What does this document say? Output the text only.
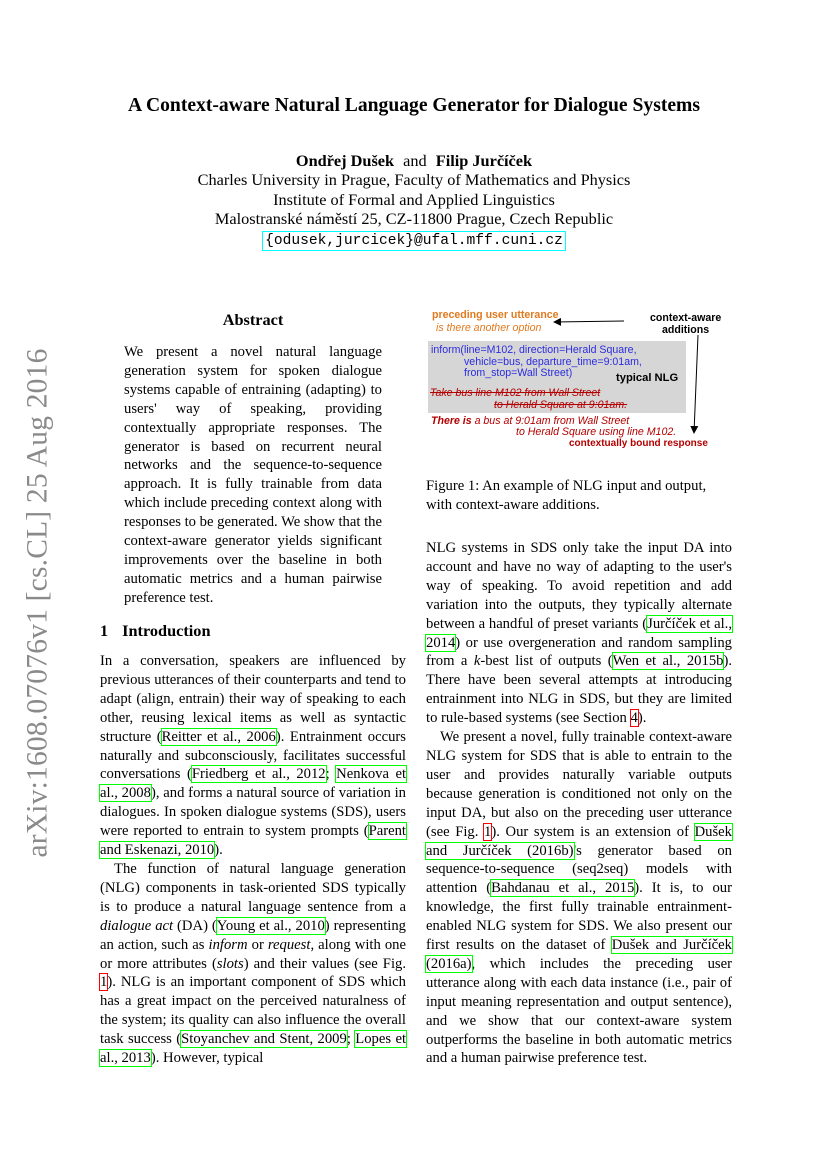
arXiv:1608.07076v1 [cs.CL] 25 Aug 2016
A Context-aware Natural Language Generator for Dialogue Systems
Ondřej Dušek and Filip Jurčíček
Charles University in Prague, Faculty of Mathematics and Physics
Institute of Formal and Applied Linguistics
Malostranské náměstí 25, CZ-11800 Prague, Czech Republic
{odusek,jurcicek}@ufal.mff.cuni.cz
Abstract
We present a novel natural language generation system for spoken dialogue systems capable of entraining (adapting) to users' way of speaking, providing contextually appropriate responses. The generator is based on recurrent neural networks and the sequence-to-sequence approach. It is fully trainable from data which include preceding context along with responses to be generated. We show that the context-aware generator yields significant improvements over the baseline in both automatic metrics and a human pairwise preference test.
1 Introduction

In a conversation, speakers are influenced by previous utterances of their counterparts and tend to adapt (align, entrain) their way of speaking to each other, reusing lexical items as well as syntactic structure (Reitter et al., 2006). Entrainment occurs naturally and subconsciously, facilitates successful conversations (Friedberg et al., 2012; Nenkova et al., 2008), and forms a natural source of variation in dialogues. In spoken dialogue systems (SDS), users were reported to entrain to system prompts (Parent and Eskenazi, 2010).

The function of natural language generation (NLG) components in task-oriented SDS typically is to produce a natural language sentence from a dialogue act (DA) (Young et al., 2010) representing an action, such as inform or request, along with one or more attributes (slots) and their values (see Fig. 1). NLG is an important component of SDS which has a great impact on the perceived naturalness of the system; its quality can also influence the overall task success (Stoyanchev and Stent, 2009; Lopes et al., 2013). However, typical

preceding user utterance
is there another option
context-aware
additions
inform(line=M102, direction=Herald Square,
vehicle=bus, departure_time=9:01am,
from_stop=Wall Street)	typical NLG
Take bus line M102 from Wall Street
to Herald Square at 9:01am.
There is a bus at 9:01am from Wall Street
to Herald Square using line M102.
contextually bound response
Figure 1: An example of NLG input and output, with context-aware additions.

NLG systems in SDS only take the input DA into account and have no way of adapting to the user's way of speaking. To avoid repetition and add variation into the outputs, they typically alternate between a handful of preset variants (Jurčíček et al., 2014) or use overgeneration and random sampling from a k-best list of outputs (Wen et al., 2015b). There have been several attempts at introducing entrainment into NLG in SDS, but they are limited to rule-based systems (see Section 4).

We present a novel, fully trainable context-aware NLG system for SDS that is able to entrain to the user and provides naturally variable outputs because generation is conditioned not only on the input DA, but also on the preceding user utterance (see Fig. 1). Our system is an extension of Dušek and Jurčíček (2016b)'s generator based on sequence-to-sequence (seq2seq) models with attention (Bahdanau et al., 2015). It is, to our knowledge, the first fully trainable entrainment-enabled NLG system for SDS. We also present our first results on the dataset of Dušek and Jurčíček (2016a), which includes the preceding user utterance along with each data instance (i.e., pair of input meaning representation and output sentence), and we show that our context-aware system outperforms the baseline in both automatic metrics and a human pairwise preference test.
